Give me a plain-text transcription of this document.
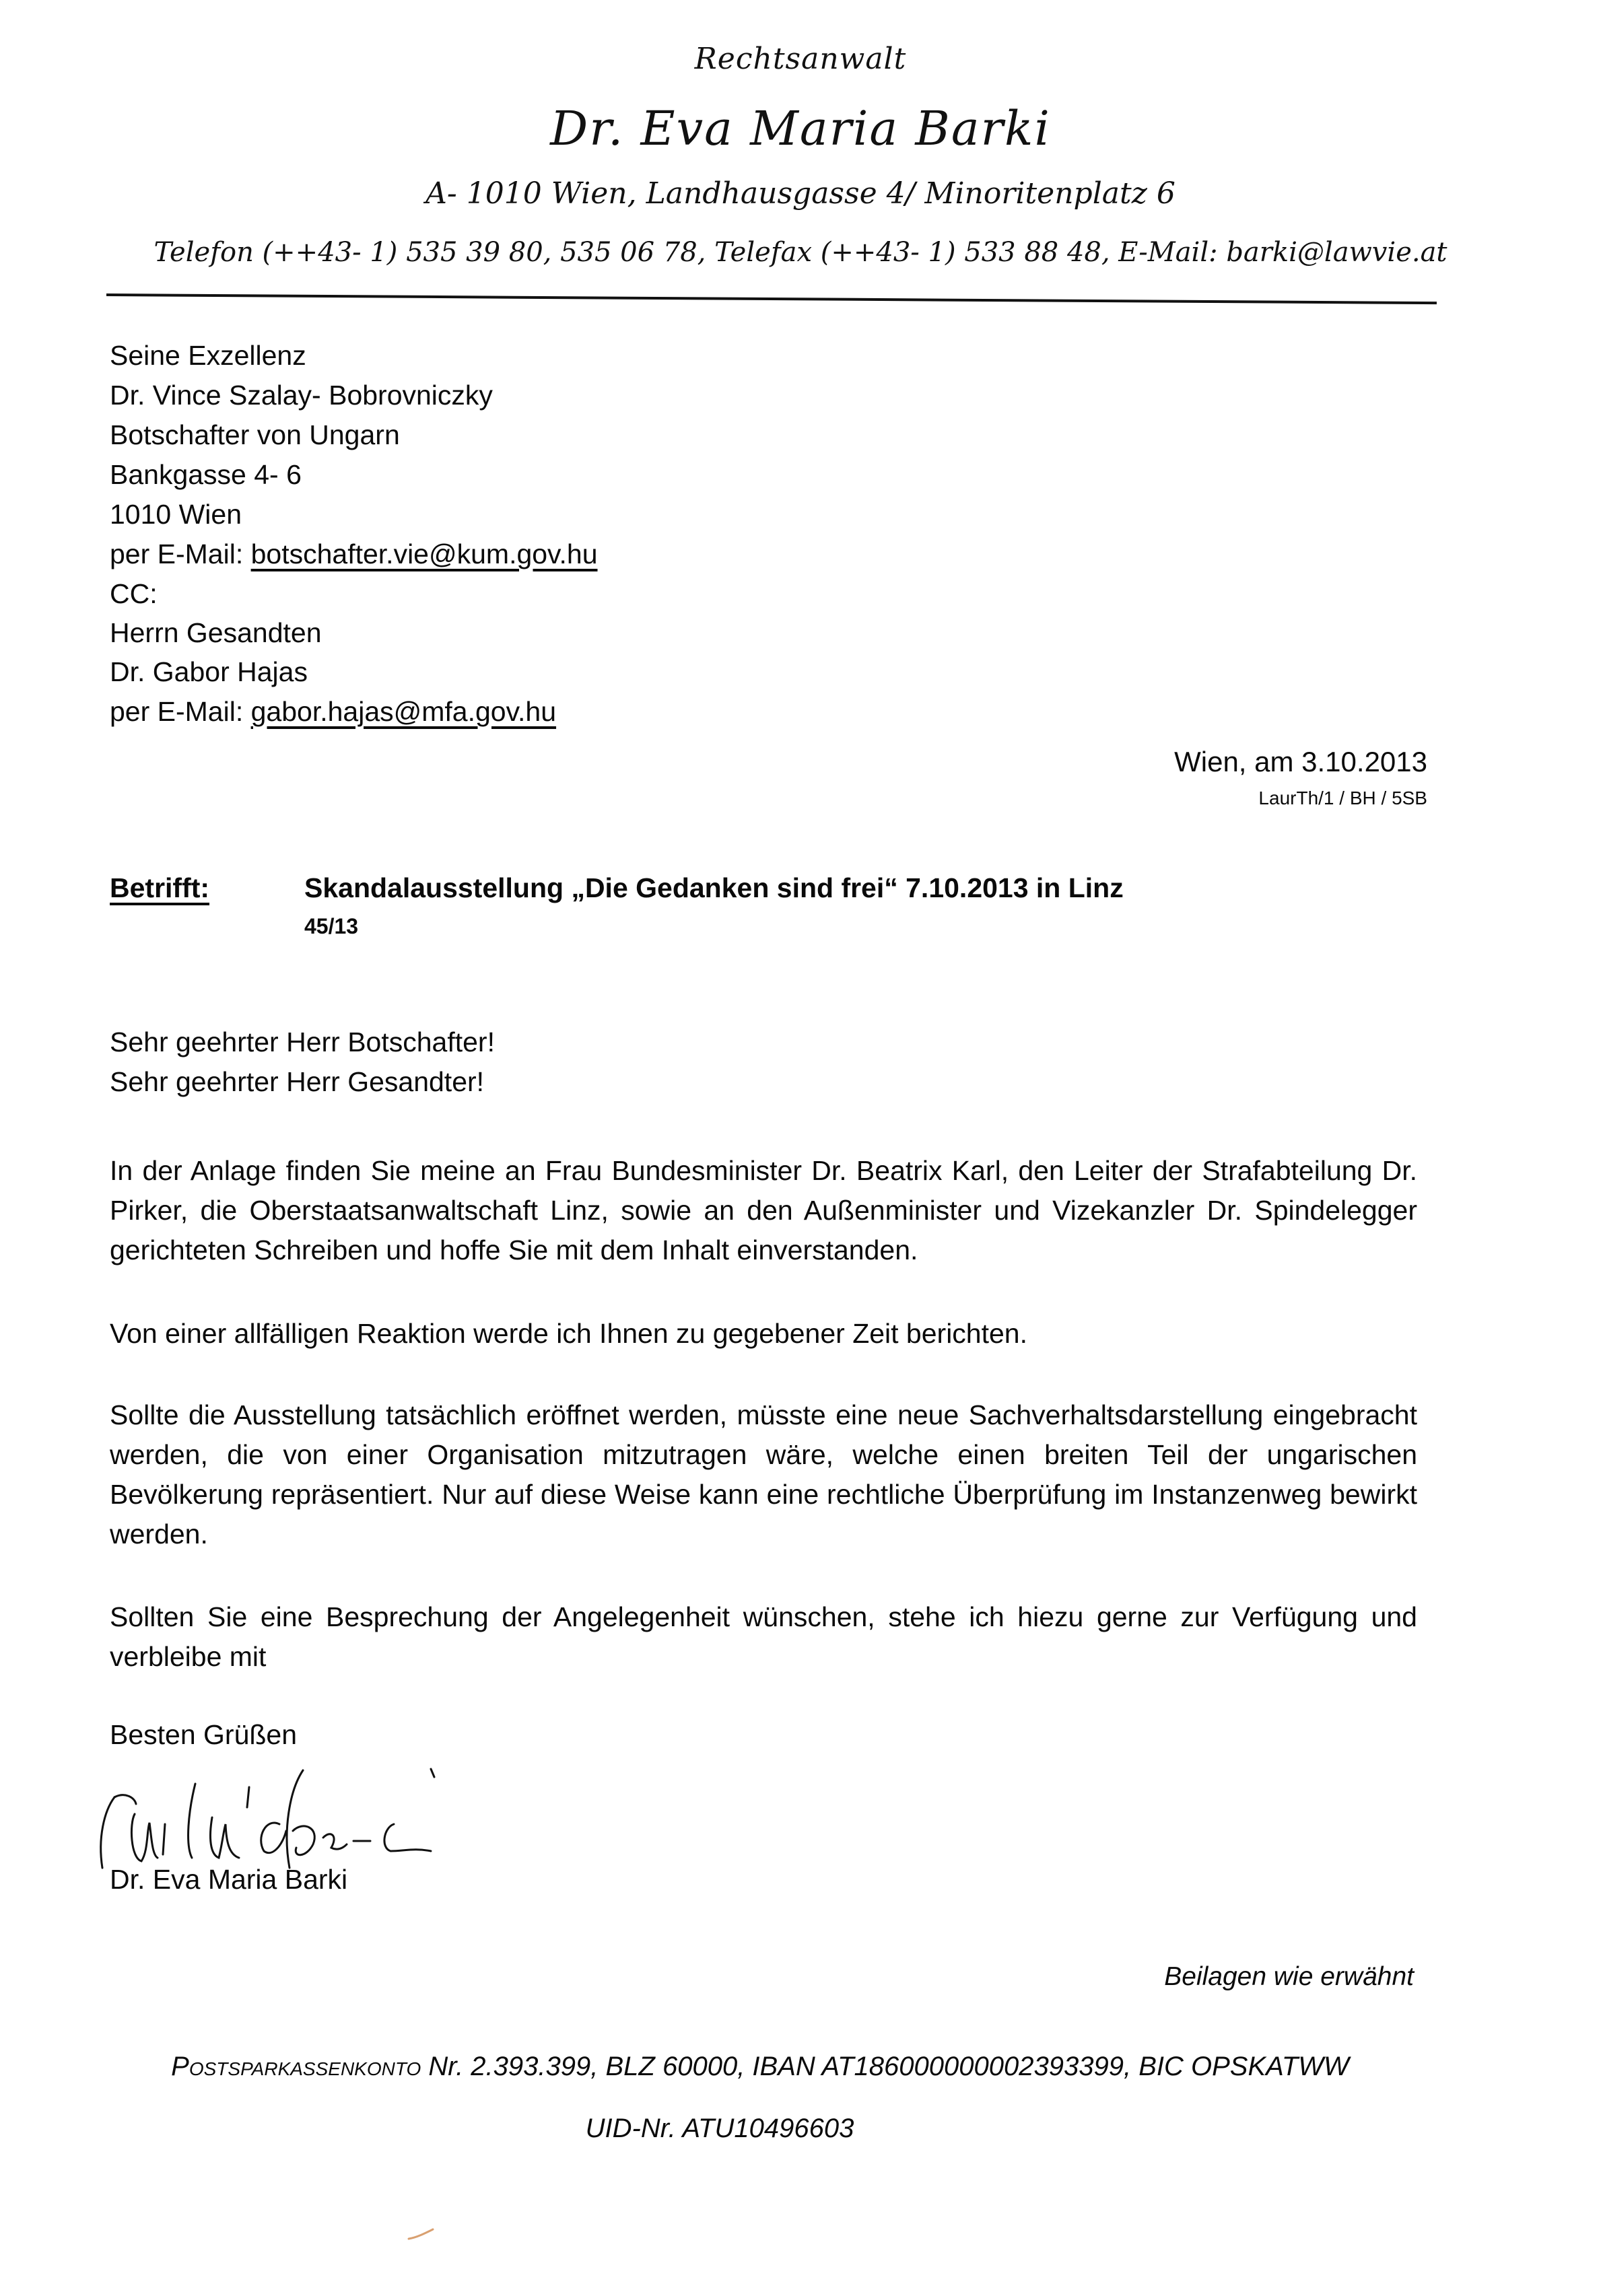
Rechtsanwalt
Dr. Eva Maria Barki
A- 1010 Wien, Landhausgasse 4/ Minoritenplatz 6
Telefon (++43- 1) 535 39 80, 535 06 78, Telefax (++43- 1) 533 88 48, E-Mail: barki@lawvie.at
Seine Exzellenz
Dr. Vince Szalay- Bobrovniczky
Botschafter von Ungarn
Bankgasse 4- 6
1010 Wien
per E-Mail: botschafter.vie@kum.gov.hu
CC:
Herrn Gesandten
Dr. Gabor Hajas
per E-Mail: gabor.hajas@mfa.gov.hu
Wien, am 3.10.2013
LaurTh/1 / BH / 5SB
Betrifft:	Skandalausstellung „Die Gedanken sind frei“ 7.10.2013 in Linz
45/13
Sehr geehrter Herr Botschafter!
Sehr geehrter Herr Gesandter!
In der Anlage finden Sie meine an Frau Bundesminister Dr. Beatrix Karl, den Leiter der Strafabteilung Dr. Pirker, die Oberstaatsanwaltschaft Linz, sowie an den Außenminister und Vizekanzler Dr. Spindelegger gerichteten Schreiben und hoffe Sie mit dem Inhalt einverstanden.
Von einer allfälligen Reaktion werde ich Ihnen zu gegebener Zeit berichten.
Sollte die Ausstellung tatsächlich eröffnet werden, müsste eine neue Sachverhaltsdarstellung eingebracht werden, die von einer Organisation mitzutragen wäre, welche einen breiten Teil der ungarischen Bevölkerung repräsentiert. Nur auf diese Weise kann eine rechtliche Überprüfung im Instanzenweg bewirkt werden.
Sollten Sie eine Besprechung der Angelegenheit wünschen, stehe ich hiezu gerne zur Verfügung und verbleibe mit
Besten Grüßen
Dr. Eva Maria Barki
Beilagen wie erwähnt
Postsparkassenkonto Nr. 2.393.399, BLZ 60000, IBAN AT186000000002393399, BIC OPSKATWW
UID-Nr. ATU10496603
